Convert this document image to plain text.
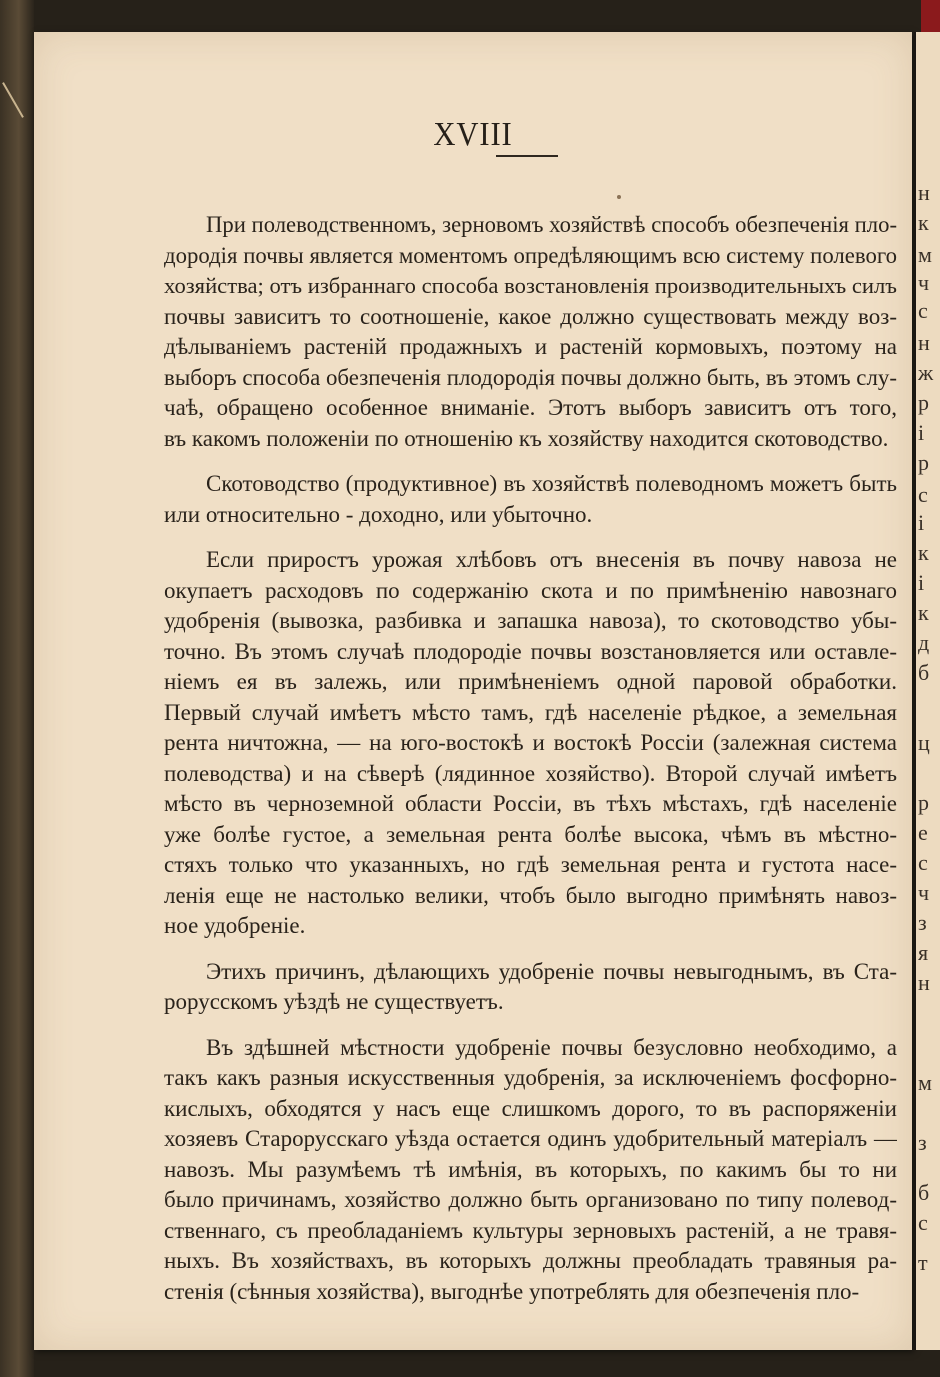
XVIII
При полеводственномъ, зерновомъ хозяйствѣ способъ обезпеченія пло-
дородія почвы является моментомъ опредѣляющимъ всю систему полевого
хозяйства; отъ избраннаго способа возстановленія производительныхъ силъ
почвы зависитъ то соотношеніе, какое должно существовать между воз-
дѣлываніемъ растеній продажныхъ и растеній кормовыхъ, поэтому на
выборъ способа обезпеченія плодородія почвы должно быть, въ этомъ слу-
чаѣ, обращено особенное вниманіе. Этотъ выборъ зависитъ отъ того,
въ какомъ положеніи по отношенію къ хозяйству находится скотоводство.
Скотоводство (продуктивное) въ хозяйствѣ полеводномъ можетъ быть
или относительно - доходно, или убыточно.
Если приростъ урожая хлѣбовъ отъ внесенія въ почву навоза не
окупаетъ расходовъ по содержанію скота и по примѣненію навознаго
удобренія (вывозка, разбивка и запашка навоза), то скотоводство убы-
точно. Въ этомъ случаѣ плодородіе почвы возстановляется или оставле-
ніемъ ея въ залежь, или примѣненіемъ одной паровой обработки.
Первый случай имѣетъ мѣсто тамъ, гдѣ населеніе рѣдкое, а земельная
рента ничтожна, — на юго-востокѣ и востокѣ Россіи (залежная система
полеводства) и на сѣверѣ (лядинное хозяйство). Второй случай имѣетъ
мѣсто въ черноземной области Россіи, въ тѣхъ мѣстахъ, гдѣ населеніе
уже болѣе густое, а земельная рента болѣе высока, чѣмъ въ мѣстно-
стяхъ только что указанныхъ, но гдѣ земельная рента и густота насе-
ленія еще не настолько велики, чтобъ было выгодно примѣнять навоз-
ное удобреніе.
Этихъ причинъ, дѣлающихъ удобреніе почвы невыгоднымъ, въ Ста-
рорусскомъ уѣздѣ не существуетъ.
Въ здѣшней мѣстности удобреніе почвы безусловно необходимо, а
такъ какъ разныя искусственныя удобренія, за исключеніемъ фосфорно-
кислыхъ, обходятся у насъ еще слишкомъ дорого, то въ распоряженіи
хозяевъ Старорусскаго уѣзда остается одинъ удобрительный матеріалъ —
навозъ. Мы разумѣемъ тѣ имѣнія, въ которыхъ, по какимъ бы то ни
было причинамъ, хозяйство должно быть организовано по типу полевод-
ственнаго, съ преобладаніемъ культуры зерновыхъ растеній, а не травя-
ныхъ. Въ хозяйствахъ, въ которыхъ должны преобладать травяныя ра-
стенія (сѣнныя хозяйства), выгоднѣе употреблять для обезпеченія пло-
н
к
м
ч
с
н
ж
р
і
р
с
і
к
і
к
д
б
ц
р
е
с
ч
з
я
н
м
з
б
с
т
